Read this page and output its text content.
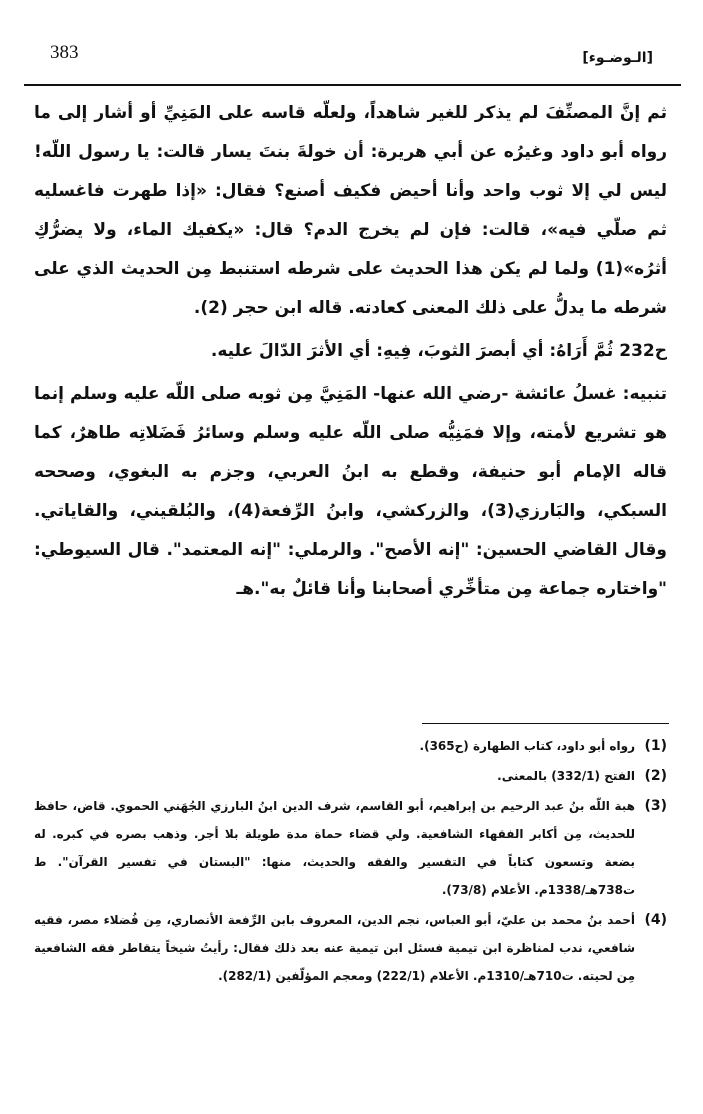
383	[الـوضـوء]

ثم إنَّ المصنِّفَ لم يذكر للغير شاهداً، ولعلّه قاسه على المَنِيِّ أو أشار إلى ما رواه أبو داود وغيرُه عن أبي هريرة: أن خولةَ بنتَ يسار قالت: يا رسول اللّه! ليس لي إلا ثوب واحد وأنا أحيض فكيف أصنع؟ فقال: «إذا طهرت فاغسليه ثم صلّي فيه»، قالت: فإن لم يخرج الدم؟ قال: «يكفيك الماء، ولا يضرُّكِ أثرُه»(1) ولما لم يكن هذا الحديث على شرطه استنبط مِن الحديث الذي على شرطه ما يدلُّ على ذلك المعنى كعادته. قاله ابن حجر (2).

ح232 ثُمَّ أَرَاهُ: أي أبصرَ الثوبَ، فِيهِ: أي الأثرَ الدّالَ عليه.

تنبيه: غسلُ عائشة -رضي الله عنها- المَنِيَّ مِن ثوبه صلى اللّه عليه وسلم إنما هو تشريع لأمته، وإلا فمَنِيُّه صلى اللّه عليه وسلم وسائرُ فَضَلاتِه طاهرٌ، كما قاله الإمام أبو حنيفة، وقطع به ابنُ العربي، وجزم به البغوي، وصححه السبكي، والبَارزي(3)، والزركشي، وابنُ الرِّفعة(4)، والبُلقيني، والقاياتي. وقال القاضي الحسين: "إنه الأصح". والرملي: "إنه المعتمد". قال السيوطي: "واختاره جماعة مِن متأخِّري أصحابنا وأنا قائلٌ به".هـ

(1)
رواه أبو داود، كتاب الطهارة (ح365).
(2)
الفتح (332/1) بالمعنى.
(3)
هبة اللّه بنُ عبد الرحيم بن إبراهيم، أبو القاسم، شرف الدين ابنُ البارزي الجُهَني الحموي. قاض، حافظ للحديث، مِن أكابر الفقهاء الشافعية. ولي قضاء حماة مدة طويلة بلا أجر. وذهب بصره في كبره. له بضعة وتسعون كتاباً في التفسير والفقه والحديث، منها: "البستان في تفسير القرآن". ط ت738هـ/1338م. الأعلام (73/8).
(4)
أحمد بنُ محمد بن عليّ، أبو العباس، نجم الدين، المعروف بابن الرِّفعة الأنصاري، مِن فُضلاء مصر، فقيه شافعي، ندب لمناظرة ابن تيمية فسئل ابن تيمية عنه بعد ذلك فقال: رأيتُ شيخاً يتقاطر فقه الشافعية مِن لحيته. ت710هـ/1310م. الأعلام (222/1) ومعجم المؤلّفين (282/1).
